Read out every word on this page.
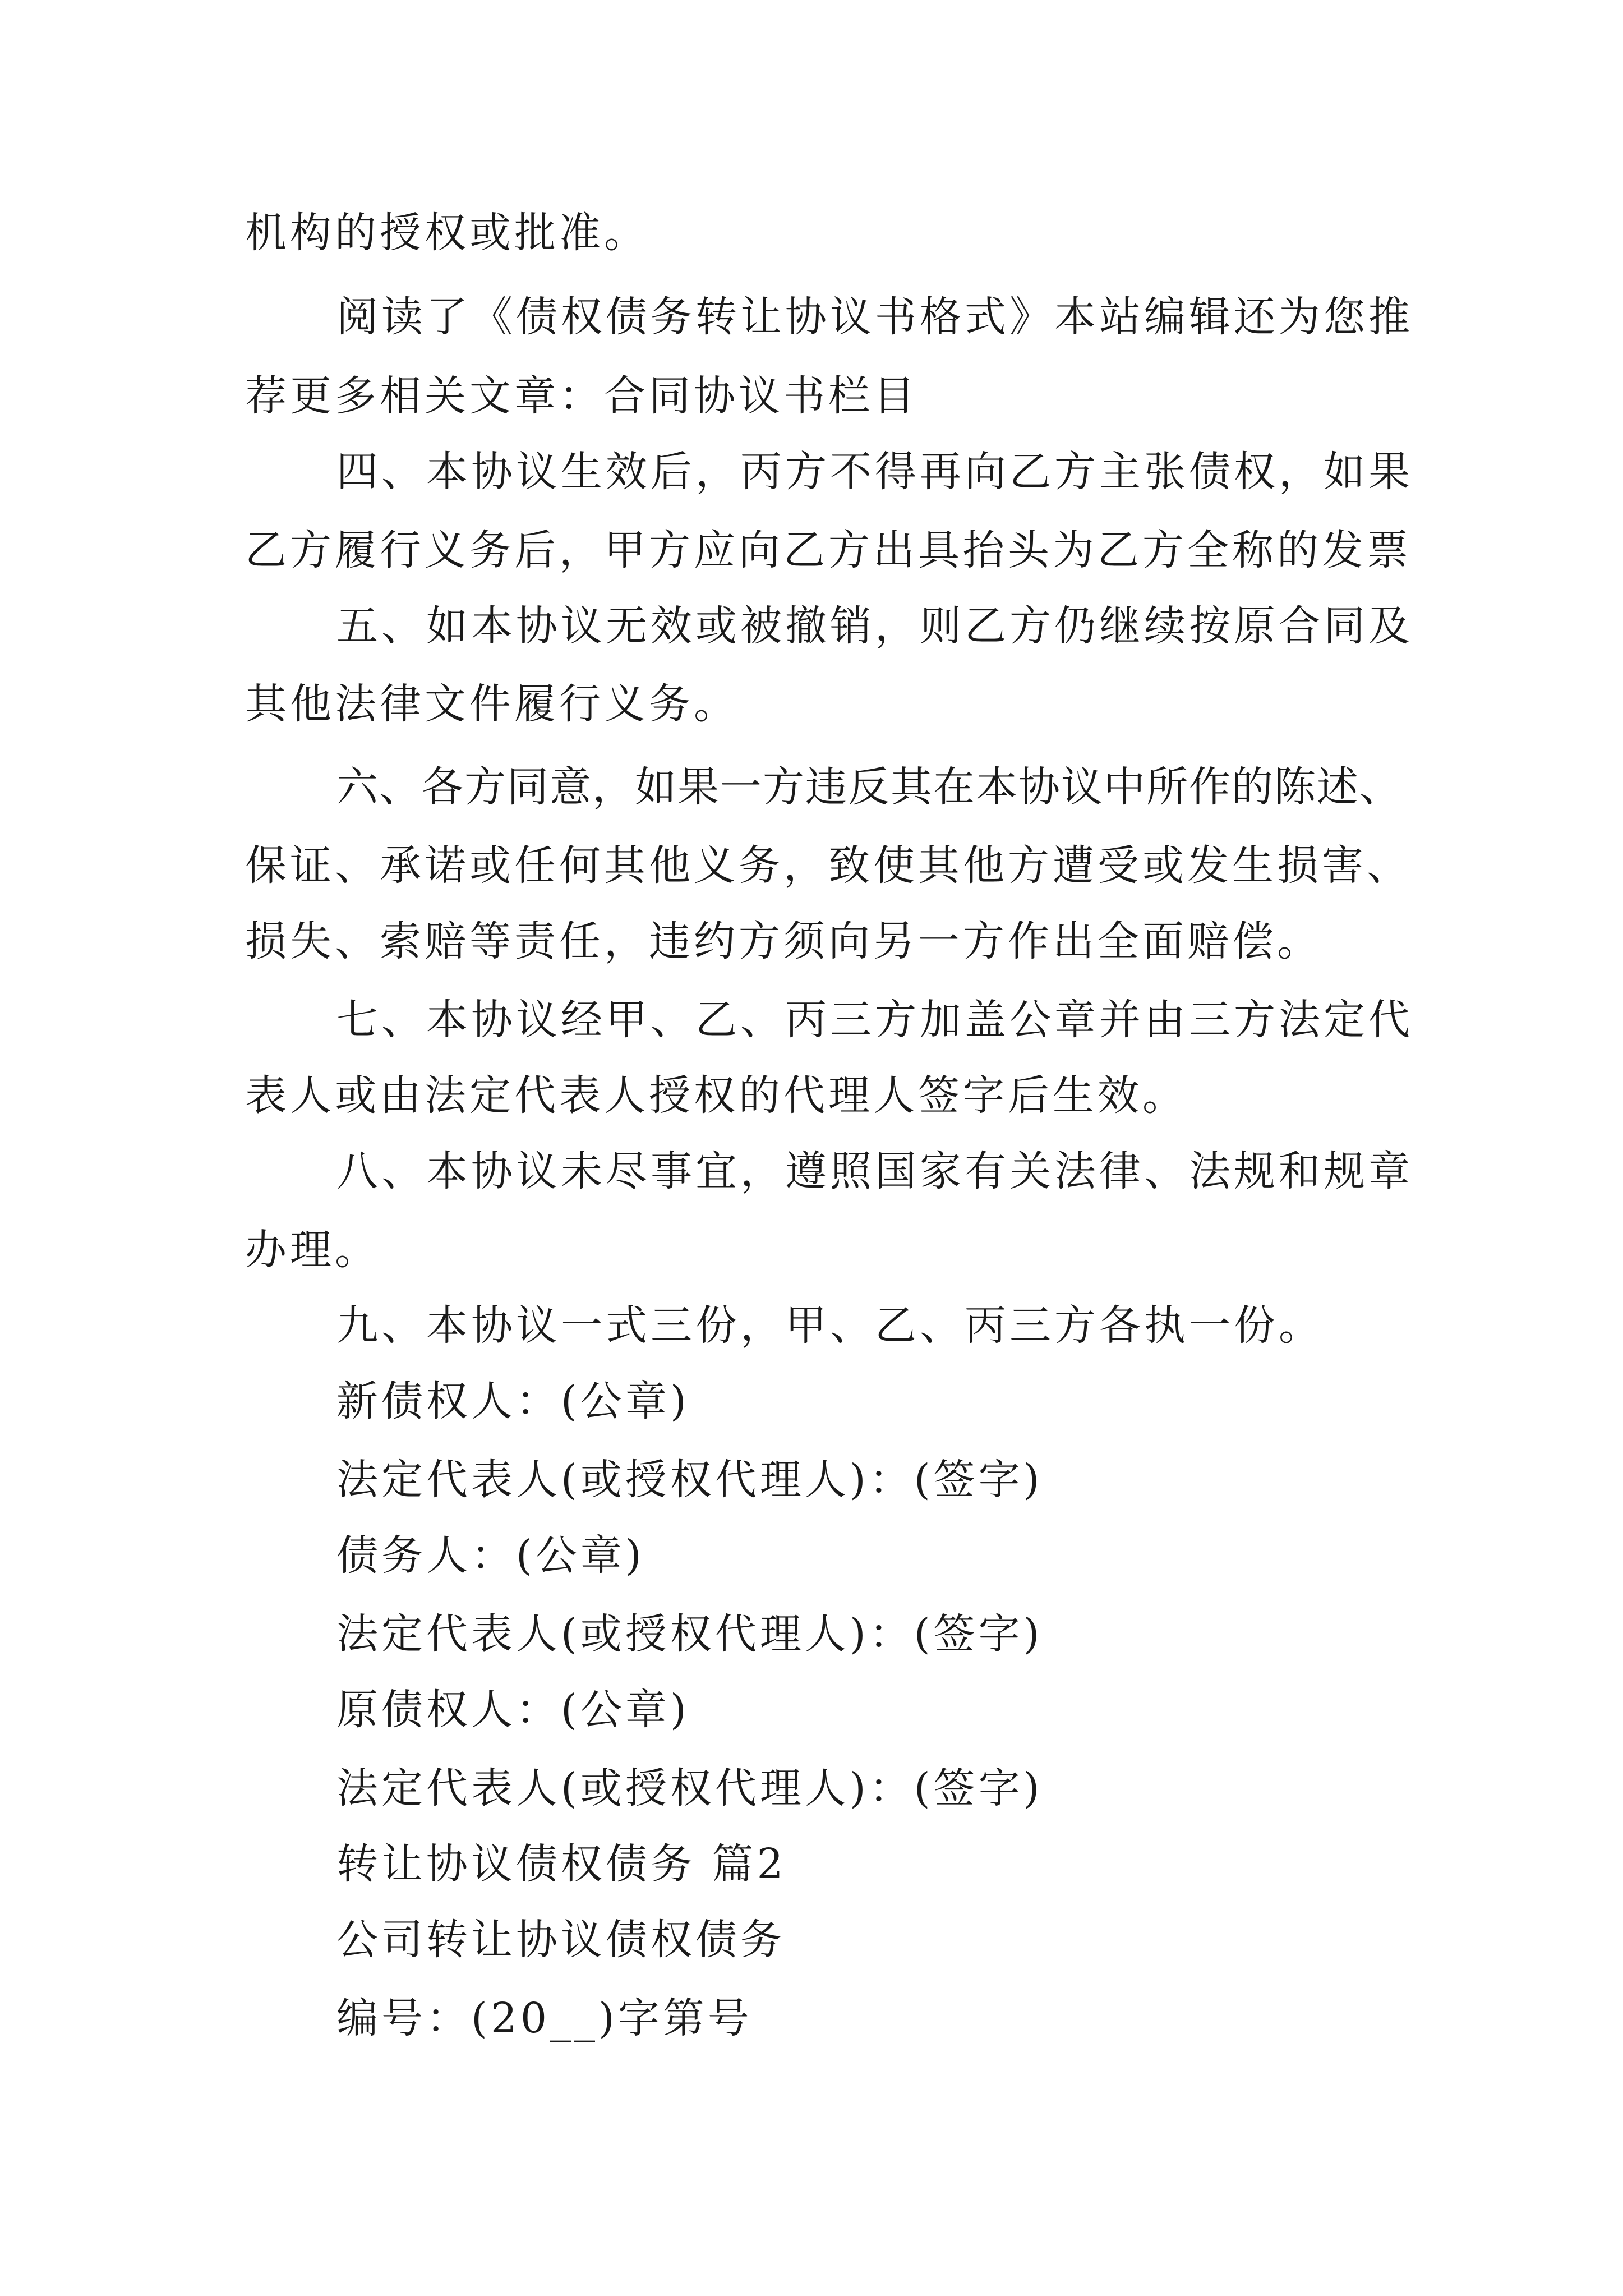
机构的授权或批准。
阅读了《债权债务转让协议书格式》本站编辑还为您推
荐更多相关文章：合同协议书栏目
四、本协议生效后，丙方不得再向乙方主张债权，如果
乙方履行义务后，甲方应向乙方出具抬头为乙方全称的发票
五、如本协议无效或被撤销，则乙方仍继续按原合同及
其他法律文件履行义务。
六、各方同意，如果一方违反其在本协议中所作的陈述、
保证、承诺或任何其他义务，致使其他方遭受或发生损害、
损失、索赔等责任，违约方须向另一方作出全面赔偿。
七、本协议经甲、乙、丙三方加盖公章并由三方法定代
表人或由法定代表人授权的代理人签字后生效。
八、本协议未尽事宜，遵照国家有关法律、法规和规章
办理。
九、本协议一式三份，甲、乙、丙三方各执一份。
新债权人：(公章)
法定代表人(或授权代理人)：(签字)
债务人：(公章)
法定代表人(或授权代理人)：(签字)
原债权人：(公章)
法定代表人(或授权代理人)：(签字)
转让协议债权债务 篇2
公司转让协议债权债务
编号：(20__)字第号
